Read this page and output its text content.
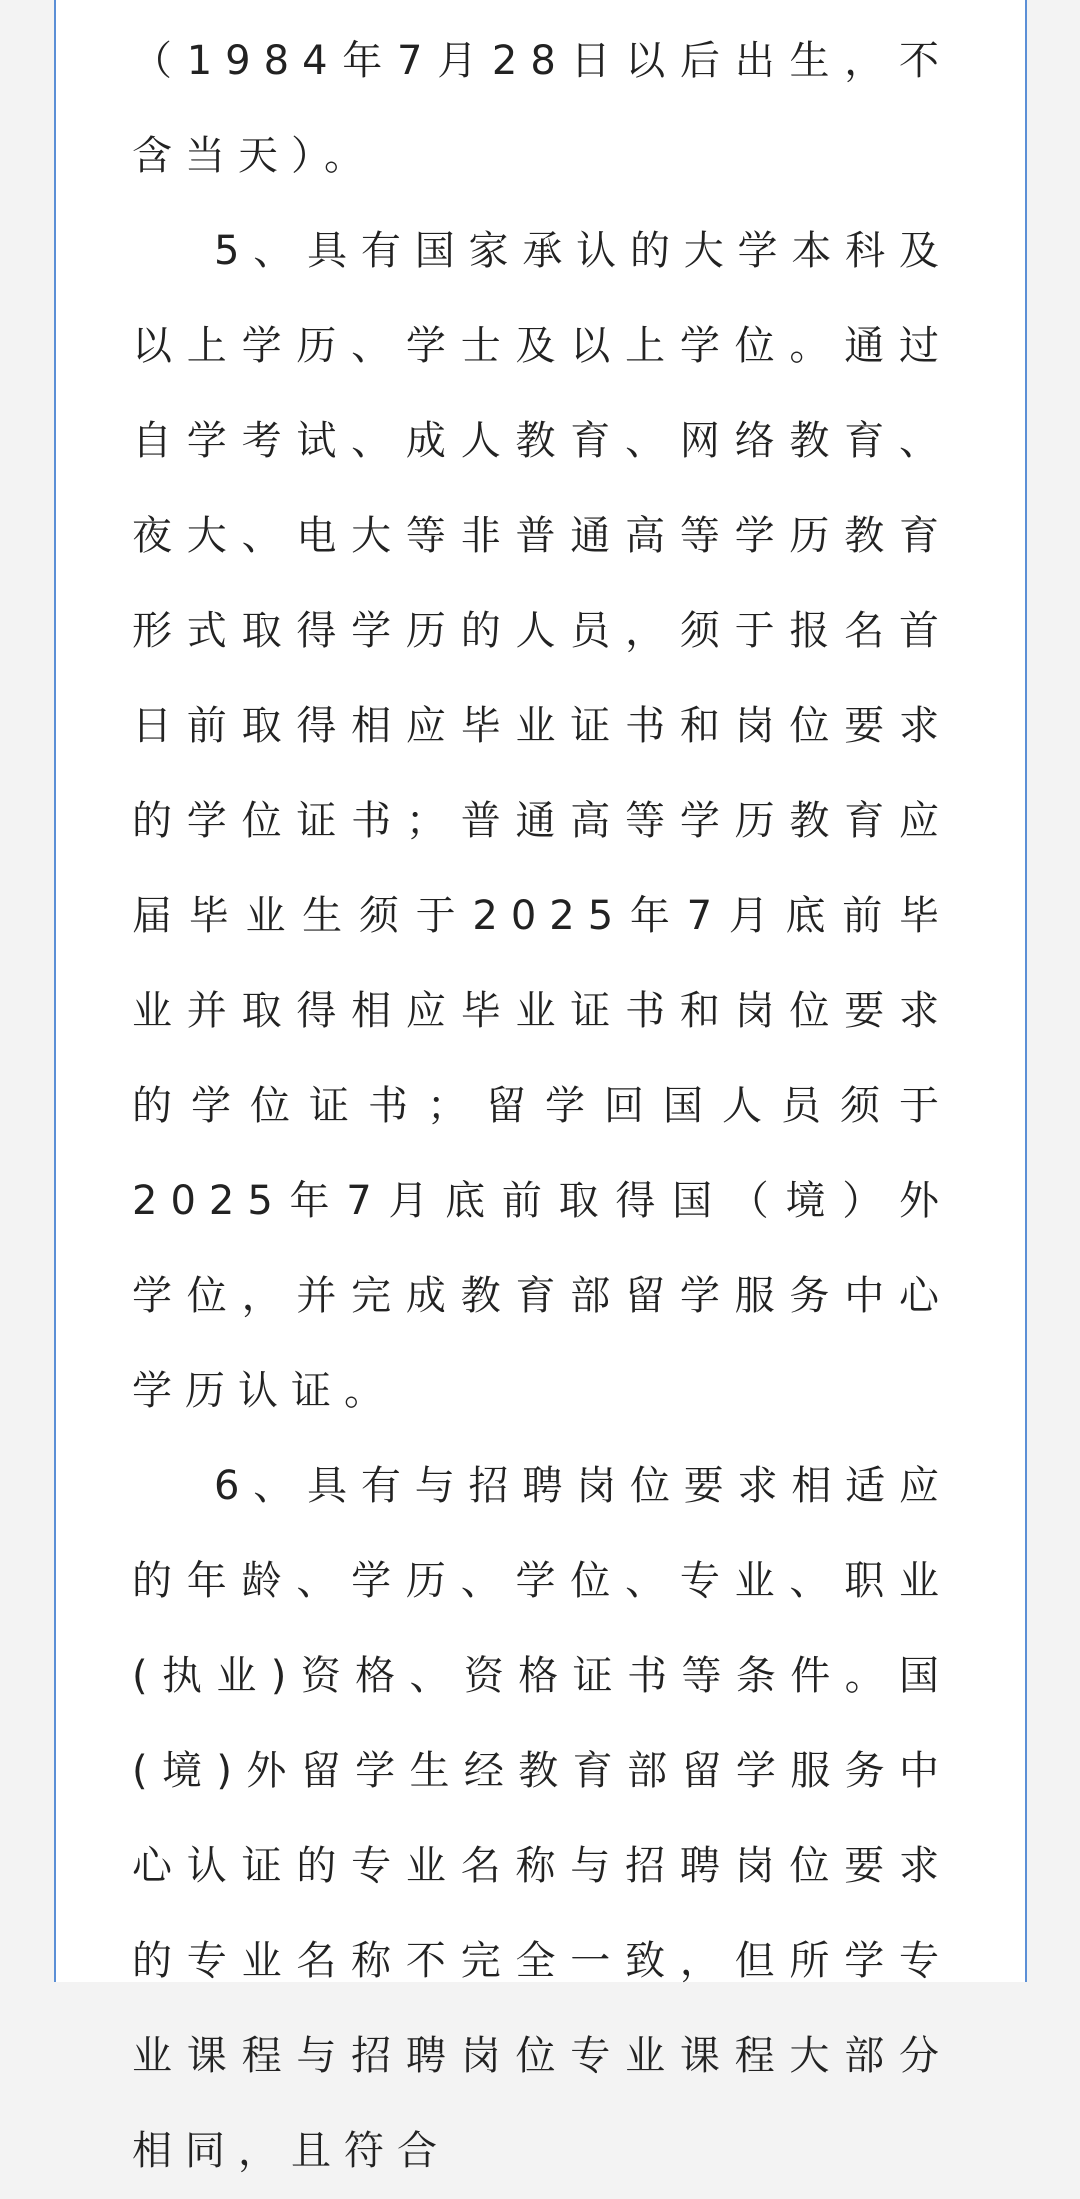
（1984年7月28日以后出生，不含当天）。

5、具有国家承认的大学本科及以上学历、学士及以上学位。通过自学考试、成人教育、网络教育、夜大、电大等非普通高等学历教育形式取得学历的人员，须于报名首日前取得相应毕业证书和岗位要求的学位证书；普通高等学历教育应届毕业生须于2025年7月底前毕业并取得相应毕业证书和岗位要求的学位证书；留学回国人员须于2025年7月底前取得国（境）外学位，并完成教育部留学服务中心学历认证。

6、具有与招聘岗位要求相适应的年龄、学历、学位、专业、职业(执业)资格、资格证书等条件。国(境)外留学生经教育部留学服务中心认证的专业名称与招聘岗位要求的专业名称不完全一致，但所学专业课程与招聘岗位专业课程大部分相同，且符合
